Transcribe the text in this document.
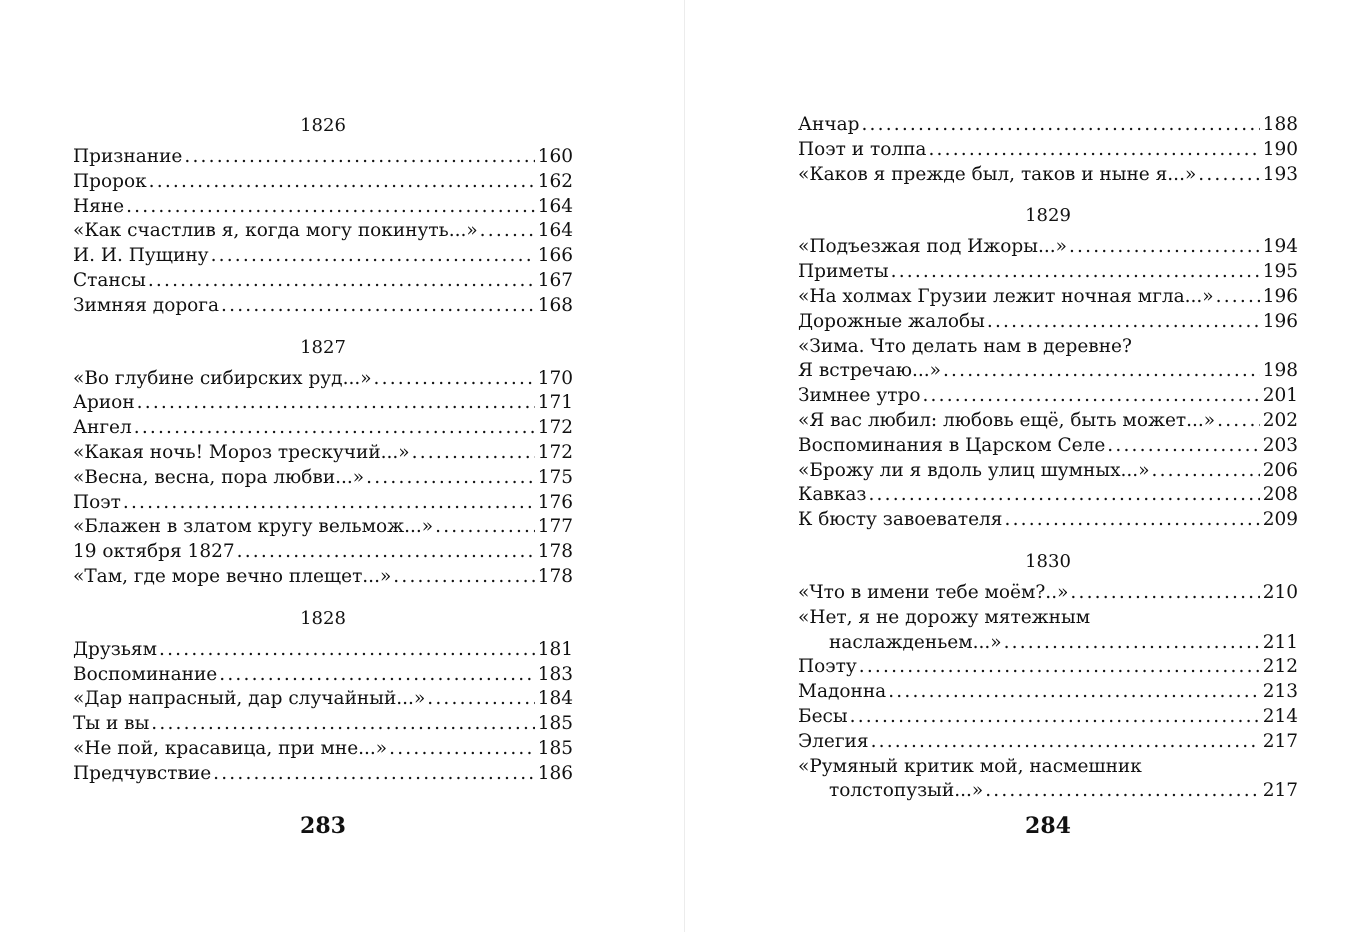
1826
Признание .....	160
Пророк .....	162
Няне .....	164
«Как счастлив я, когда могу покинуть...» .....	164
И. И. Пущину .....	166
Стансы .....	167
Зимняя дорога .....	168
1827
«Во глубине сибирских руд...» .....	170
Арион .....	171
Ангел .....	172
«Какая ночь! Мороз трескучий...» .....	172
«Весна, весна, пора любви...» .....	175
Поэт .....	176
«Блажен в златом кругу вельмож...» .....	177
19 октября 1827 .....	178
«Там, где море вечно плещет...» .....	178
1828
Друзьям .....	181
Воспоминание .....	183
«Дар напрасный, дар случайный...» .....	184
Ты и вы .....	185
«Не пой, красавица, при мне...» .....	185
Предчувствие .....	186
283
Анчар .....	188
Поэт и толпа .....	190
«Каков я прежде был, таков и ныне я...» .....	193
1829
«Подъезжая под Ижоры...» .....	194
Приметы .....	195
«На холмах Грузии лежит ночная мгла...» .....	196
Дорожные жалобы .....	196
«Зима. Что делать нам в деревне?
Я встречаю...» .....	198
Зимнее утро .....	201
«Я вас любил: любовь ещё, быть может...» .....	202
Воспоминания в Царском Селе .....	203
«Брожу ли я вдоль улиц шумных...» .....	206
Кавказ .....	208
К бюсту завоевателя .....	209
1830
«Что в имени тебе моём?..» .....	210
«Нет, я не дорожу мятежным
наслажденьем...» .....	211
Поэту .....	212
Мадонна .....	213
Бесы .....	214
Элегия .....	217
«Румяный критик мой, насмешник
толстопузый...» .....	217
284
